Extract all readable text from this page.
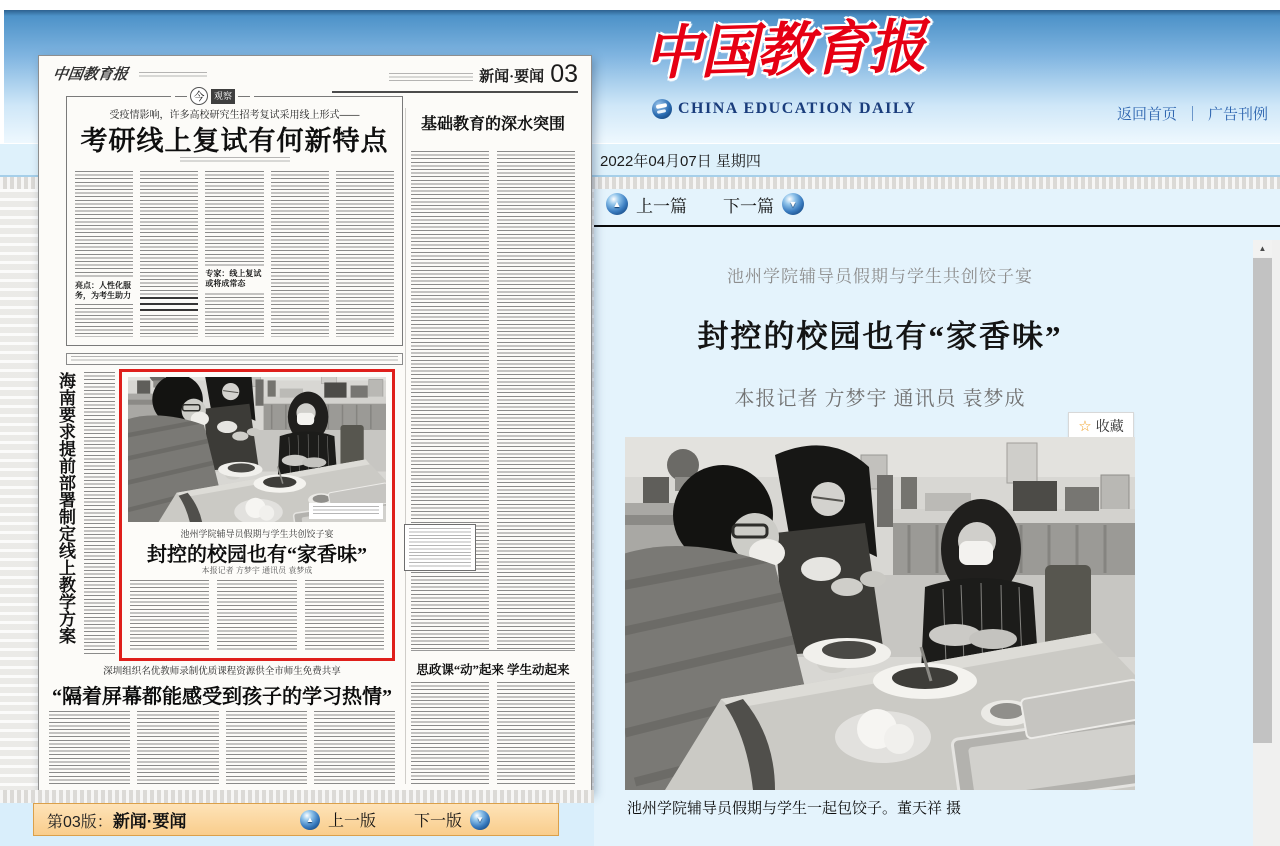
2022年04月07日 星期四
中国教育报
CHINA EDUCATION DAILY	返回首页 ｜ 广告刊例
▲ 上一篇 下一篇	▼
▲
池州学院辅导员假期与学生共创饺子宴
封控的校园也有“家香味”
本报记者 方梦宇 通讯员 袁梦成
☆ 收藏
池州学院辅导员假期与学生一起包饺子。董天祥 摄
中国教育报	新闻·要闻 03
今	观察
受疫情影响，许多高校研究生招考复试采用线上形式——
考研线上复试有何新特点
亮点：人性化服务，为考生助力
专家：线上复试或将成常态
基础教育的深水突围
海南要求提前部署制定线上教学方案	池州学院辅导员假期与学生共创饺子宴
封控的校园也有“家香味”
本报记者 方梦宇 通讯员 袁梦成
深圳组织名优教师录制优质课程资源供全市师生免费共享
“隔着屏幕都能感受到孩子的学习热情”
思政课“动”起来 学生动起来
第03版： 新闻·要闻	▲ 上一版 下一版	▼
